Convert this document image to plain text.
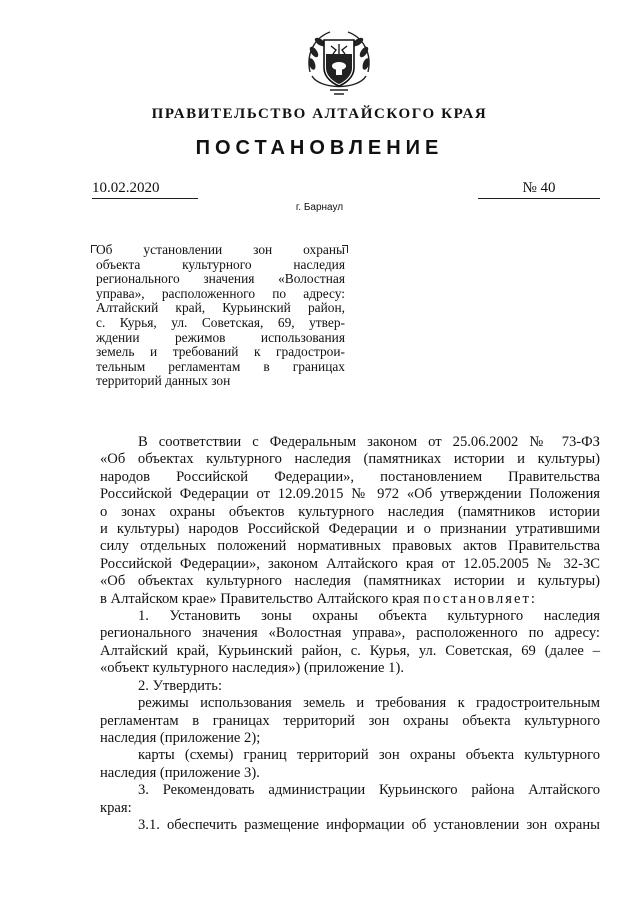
ПРАВИТЕЛЬСТВО АЛТАЙСКОГО КРАЯ
ПОСТАНОВЛЕНИЕ
10.02.2020	№ 40
г. Барнаул
Об установлении зон охраны
объекта культурного наследия
регионального значения «Волостная
управа», расположенного по адресу:
Алтайский край, Курьинский район,
с. Курья, ул. Советская, 69, утвер-
ждении режимов использования
земель и требований к градострои-
тельным регламентам в границах
территорий данных зон
В соответствии с Федеральным законом от 25.06.2002 № 73-ФЗ
«Об объектах культурного наследия (памятниках истории и культуры)
народов Российской Федерации», постановлением Правительства
Российской Федерации от 12.09.2015 № 972 «Об утверждении Положения
о зонах охраны объектов культурного наследия (памятников истории
и культуры) народов Российской Федерации и о признании утратившими
силу отдельных положений нормативных правовых актов Правительства
Российской Федерации», законом Алтайского края от 12.05.2005 № 32-ЗС
«Об объектах культурного наследия (памятниках истории и культуры)
в Алтайском крае» Правительство Алтайского края постановляет:
1. Установить зоны охраны объекта культурного наследия
регионального значения «Волостная управа», расположенного по адресу:
Алтайский край, Курьинский район, с. Курья, ул. Советская, 69 (далее –
«объект культурного наследия») (приложение 1).
2. Утвердить:
режимы использования земель и требования к градостроительным
регламентам в границах территорий зон охраны объекта культурного
наследия (приложение 2);
карты (схемы) границ территорий зон охраны объекта культурного
наследия (приложение 3).
3. Рекомендовать администрации Курьинского района Алтайского
края:
3.1. обеспечить размещение информации об установлении зон охраны
